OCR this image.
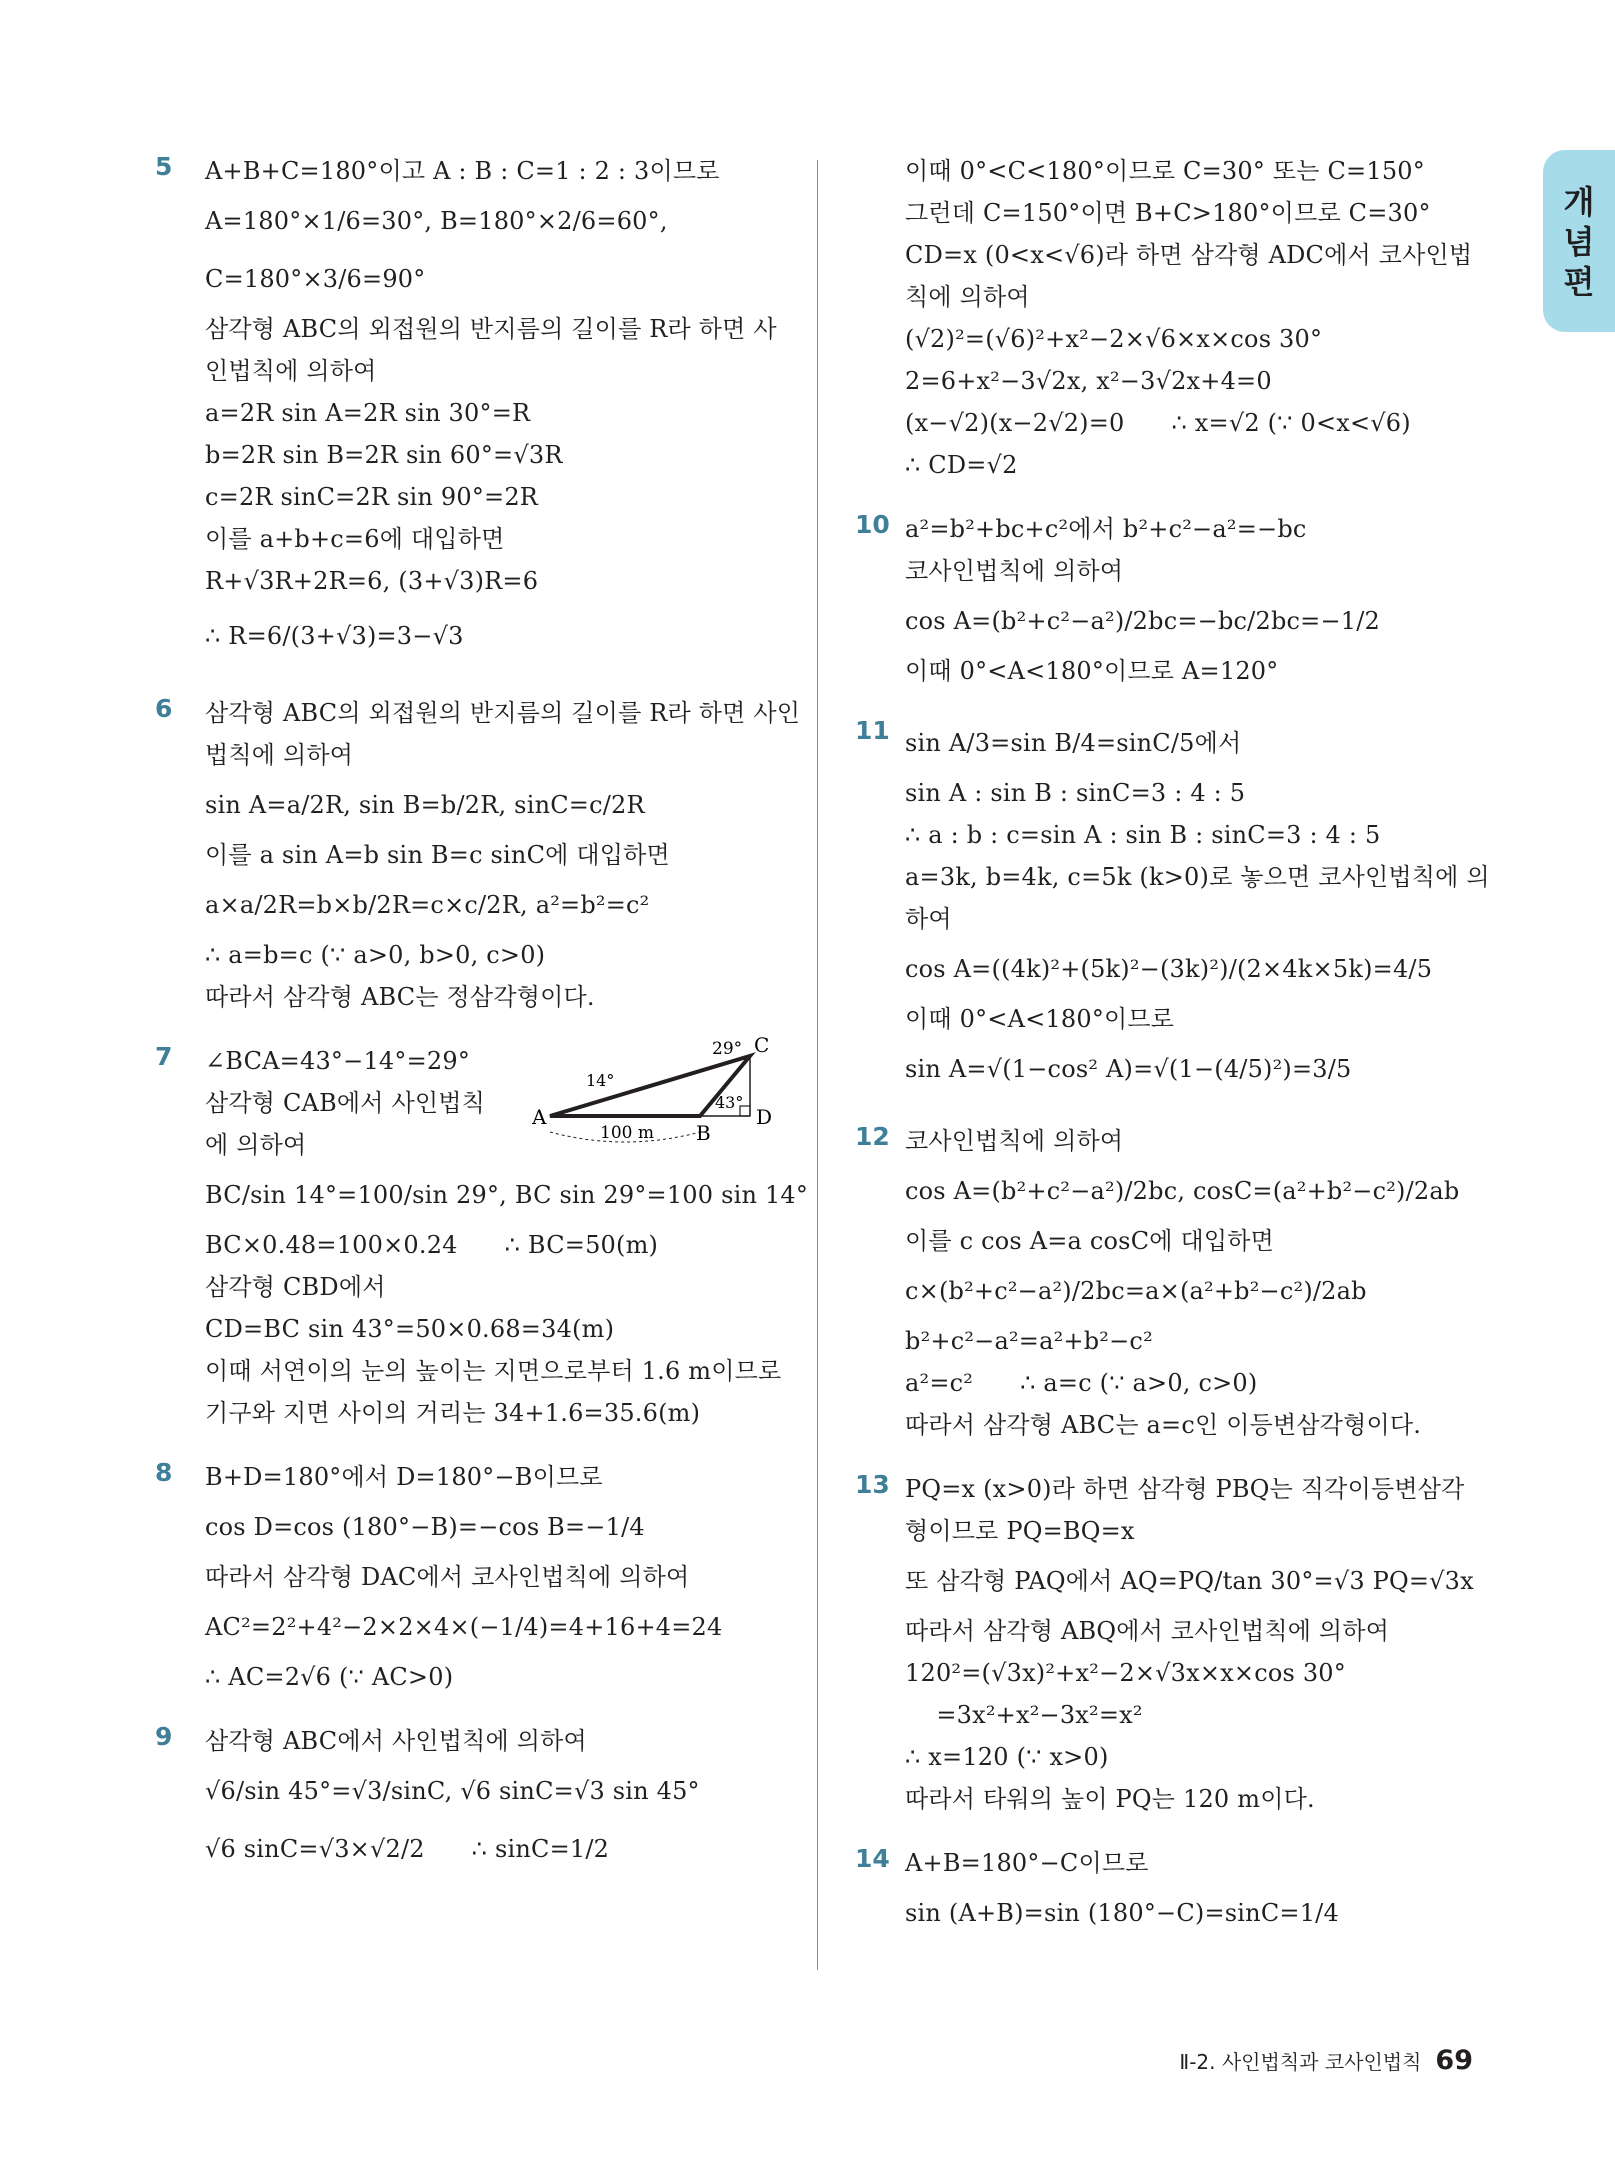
개념편
5 A+B+C=180°이고 A : B : C=1 : 2 : 3이므로
A=180°×1/6=30°, B=180°×2/6=60°,
C=180°×3/6=90°
삼각형 ABC의 외접원의 반지름의 길이를 R라 하면 사
인법칙에 의하여
a=2R sin A=2R sin 30°=R
b=2R sin B=2R sin 60°=√3R
c=2R sinC=2R sin 90°=2R
이를 a+b+c=6에 대입하면
R+√3R+2R=6, (3+√3)R=6
∴ R=6/(3+√3)=3−√3
6 삼각형 ABC의 외접원의 반지름의 길이를 R라 하면 사인
법칙에 의하여
sin A=a/2R, sin B=b/2R, sinC=c/2R
이를 a sin A=b sin B=c sinC에 대입하면
a×a/2R=b×b/2R=c×c/2R, a²=b²=c²
∴ a=b=c (∵ a>0, b>0, c>0)
따라서 삼각형 ABC는 정삼각형이다.
7
A
B
C
D
14°
29°
43°
100 m
∠BCA=43°−14°=29°
삼각형 CAB에서 사인법칙
에 의하여
BC/sin 14°=100/sin 29°, BC sin 29°=100 sin 14°
BC×0.48=100×0.24      ∴ BC=50(m)
삼각형 CBD에서
CD=BC sin 43°=50×0.68=34(m)
이때 서연이의 눈의 높이는 지면으로부터 1.6 m이므로
기구와 지면 사이의 거리는 34+1.6=35.6(m)
8 B+D=180°에서 D=180°−B이므로
cos D=cos (180°−B)=−cos B=−1/4
따라서 삼각형 DAC에서 코사인법칙에 의하여
AC²=2²+4²−2×2×4×(−1/4)=4+16+4=24
∴ AC=2√6 (∵ AC>0)
9 삼각형 ABC에서 사인법칙에 의하여
√6/sin 45°=√3/sinC, √6 sinC=√3 sin 45°
√6 sinC=√3×√2/2      ∴ sinC=1/2
이때 0°<C<180°이므로 C=30° 또는 C=150°
그런데 C=150°이면 B+C>180°이므로 C=30°
CD=x (0<x<√6)라 하면 삼각형 ADC에서 코사인법
칙에 의하여
(√2)²=(√6)²+x²−2×√6×x×cos 30°
2=6+x²−3√2x, x²−3√2x+4=0
(x−√2)(x−2√2)=0      ∴ x=√2 (∵ 0<x<√6)
∴ CD=√2
10 a²=b²+bc+c²에서 b²+c²−a²=−bc
코사인법칙에 의하여
cos A=(b²+c²−a²)/2bc=−bc/2bc=−1/2
이때 0°<A<180°이므로 A=120°
11 sin A/3=sin B/4=sinC/5에서
sin A : sin B : sinC=3 : 4 : 5
∴ a : b : c=sin A : sin B : sinC=3 : 4 : 5
a=3k, b=4k, c=5k (k>0)로 놓으면 코사인법칙에 의
하여
cos A=((4k)²+(5k)²−(3k)²)/(2×4k×5k)=4/5
이때 0°<A<180°이므로
sin A=√(1−cos² A)=√(1−(4/5)²)=3/5
12 코사인법칙에 의하여
cos A=(b²+c²−a²)/2bc, cosC=(a²+b²−c²)/2ab
이를 c cos A=a cosC에 대입하면
c×(b²+c²−a²)/2bc=a×(a²+b²−c²)/2ab
b²+c²−a²=a²+b²−c²
a²=c²      ∴ a=c (∵ a>0, c>0)
따라서 삼각형 ABC는 a=c인 이등변삼각형이다.
13 PQ=x (x>0)라 하면 삼각형 PBQ는 직각이등변삼각
형이므로 PQ=BQ=x
또 삼각형 PAQ에서 AQ=PQ/tan 30°=√3 PQ=√3x
따라서 삼각형 ABQ에서 코사인법칙에 의하여
120²=(√3x)²+x²−2×√3x×x×cos 30°
=3x²+x²−3x²=x²
∴ x=120 (∵ x>0)
따라서 타워의 높이 PQ는 120 m이다.
14 A+B=180°−C이므로
sin (A+B)=sin (180°−C)=sinC=1/4
Ⅱ-2. 사인법칙과 코사인법칙 69
